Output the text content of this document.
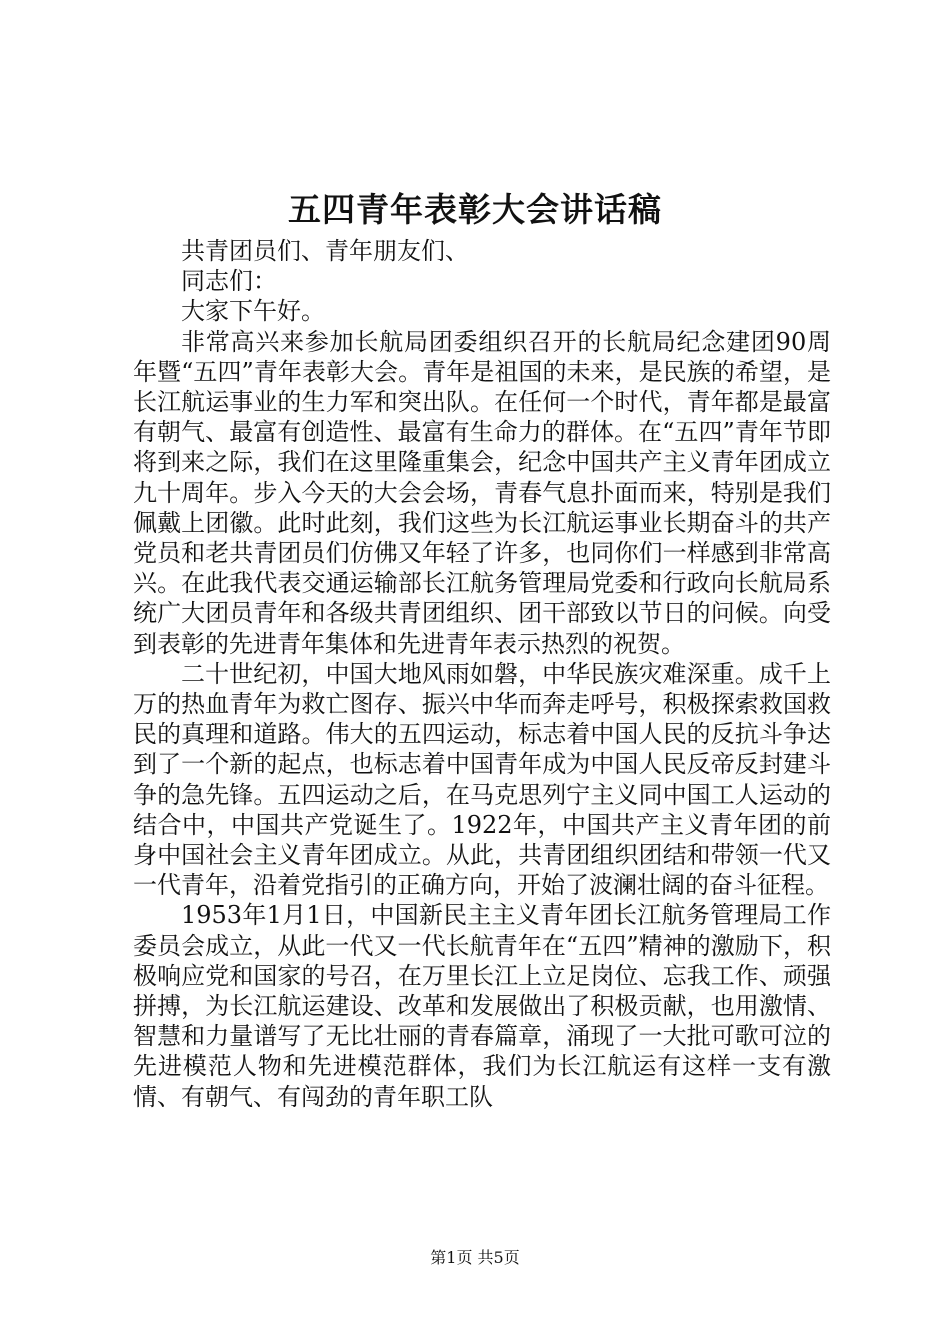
五四青年表彰大会讲话稿

共青团员们、青年朋友们、

同志们：

大家下午好。

非常高兴来参加长航局团委组织召开的长航局纪念建团90周年暨“五四”青年表彰大会。青年是祖国的未来，是民族的希望，是长江航运事业的生力军和突出队。在任何一个时代，青年都是最富有朝气、最富有创造性、最富有生命力的群体。在“五四”青年节即将到来之际，我们在这里隆重集会，纪念中国共产主义青年团成立九十周年。步入今天的大会会场，青春气息扑面而来，特别是我们佩戴上团徽。此时此刻，我们这些为长江航运事业长期奋斗的共产党员和老共青团员们仿佛又年轻了许多，也同你们一样感到非常高兴。在此我代表交通运输部长江航务管理局党委和行政向长航局系统广大团员青年和各级共青团组织、团干部致以节日的问候。向受到表彰的先进青年集体和先进青年表示热烈的祝贺。

二十世纪初，中国大地风雨如磐，中华民族灾难深重。成千上万的热血青年为救亡图存、振兴中华而奔走呼号，积极探索救国救民的真理和道路。伟大的五四运动，标志着中国人民的反抗斗争达到了一个新的起点，也标志着中国青年成为中国人民反帝反封建斗争的急先锋。五四运动之后，在马克思列宁主义同中国工人运动的结合中，中国共产党诞生了。1922年，中国共产主义青年团的前身中国社会主义青年团成立。从此，共青团组织团结和带领一代又一代青年，沿着党指引的正确方向，开始了波澜壮阔的奋斗征程。

1953年1月1日，中国新民主主义青年团长江航务管理局工作委员会成立，从此一代又一代长航青年在“五四”精神的激励下，积极响应党和国家的号召，在万里长江上立足岗位、忘我工作、顽强拼搏，为长江航运建设、改革和发展做出了积极贡献，也用激情、智慧和力量谱写了无比壮丽的青春篇章，涌现了一大批可歌可泣的先进模范人物和先进模范群体，我们为长江航运有这样一支有激情、有朝气、有闯劲的青年职工队

第1页 共5页
